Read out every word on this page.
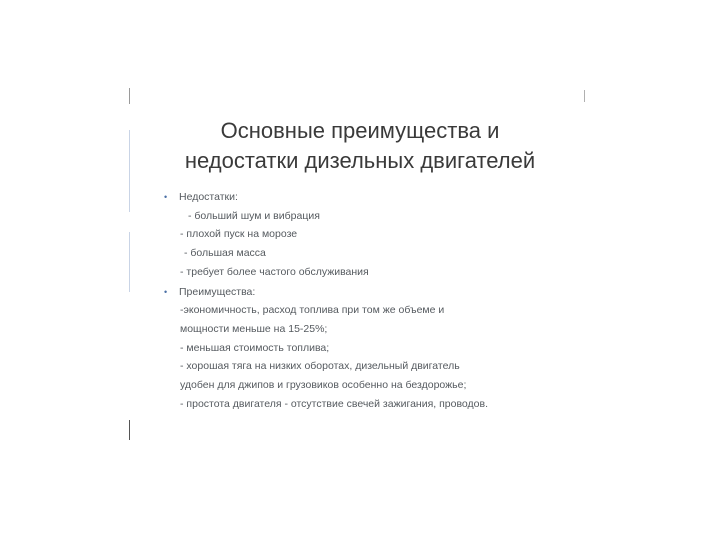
Основные преимущества и
недостатки дизельных двигателей
• Недостатки:
- больший шум и вибрация
- плохой пуск на морозе
- большая масса
- требует более частого обслуживания
• Преимущества:
-экономичность, расход топлива при том же объеме и
мощности меньше на 15-25%;
- меньшая стоимость топлива;
- хорошая тяга на низких оборотах, дизельный двигатель
удобен для джипов и грузовиков особенно на бездорожье;
- простота двигателя - отсутствие свечей зажигания, проводов.
